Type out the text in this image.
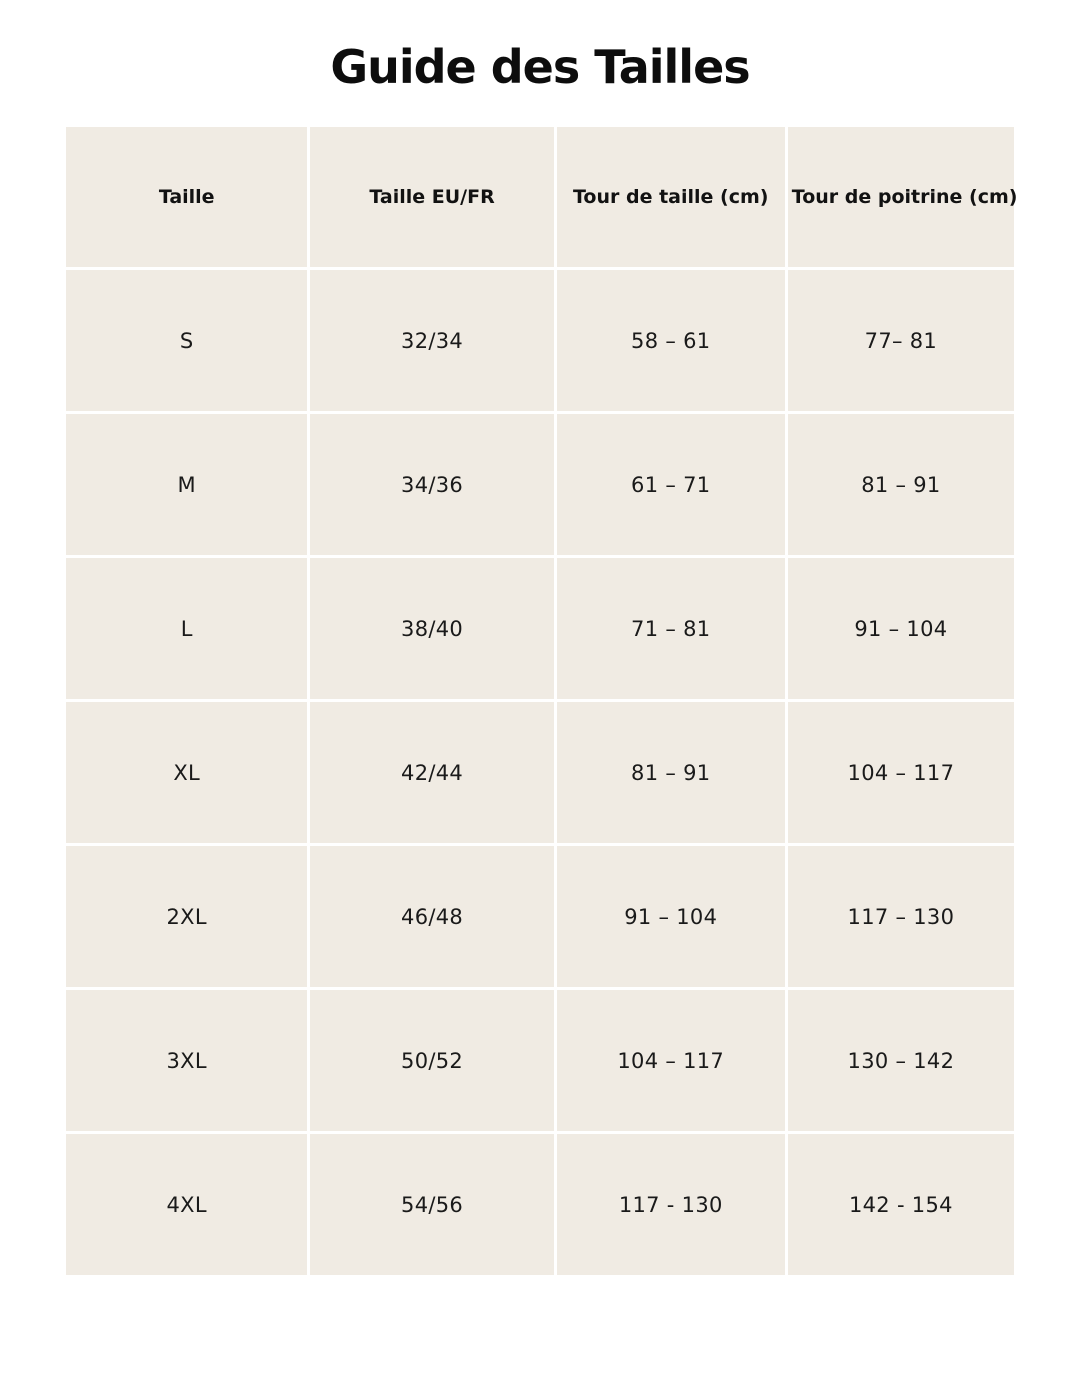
Guide des Tailles
Taille	Taille EU/FR	Tour de taille (cm)	Tour de poitrine (cm)
S	32/34	58 – 61	77– 81
M	34/36	61 – 71	81 – 91
L	38/40	71 – 81	91 – 104
XL	42/44	81 – 91	104 – 117
2XL	46/48	91 – 104	117 – 130
3XL	50/52	104 – 117	130 – 142
4XL	54/56	117 - 130	142 - 154
